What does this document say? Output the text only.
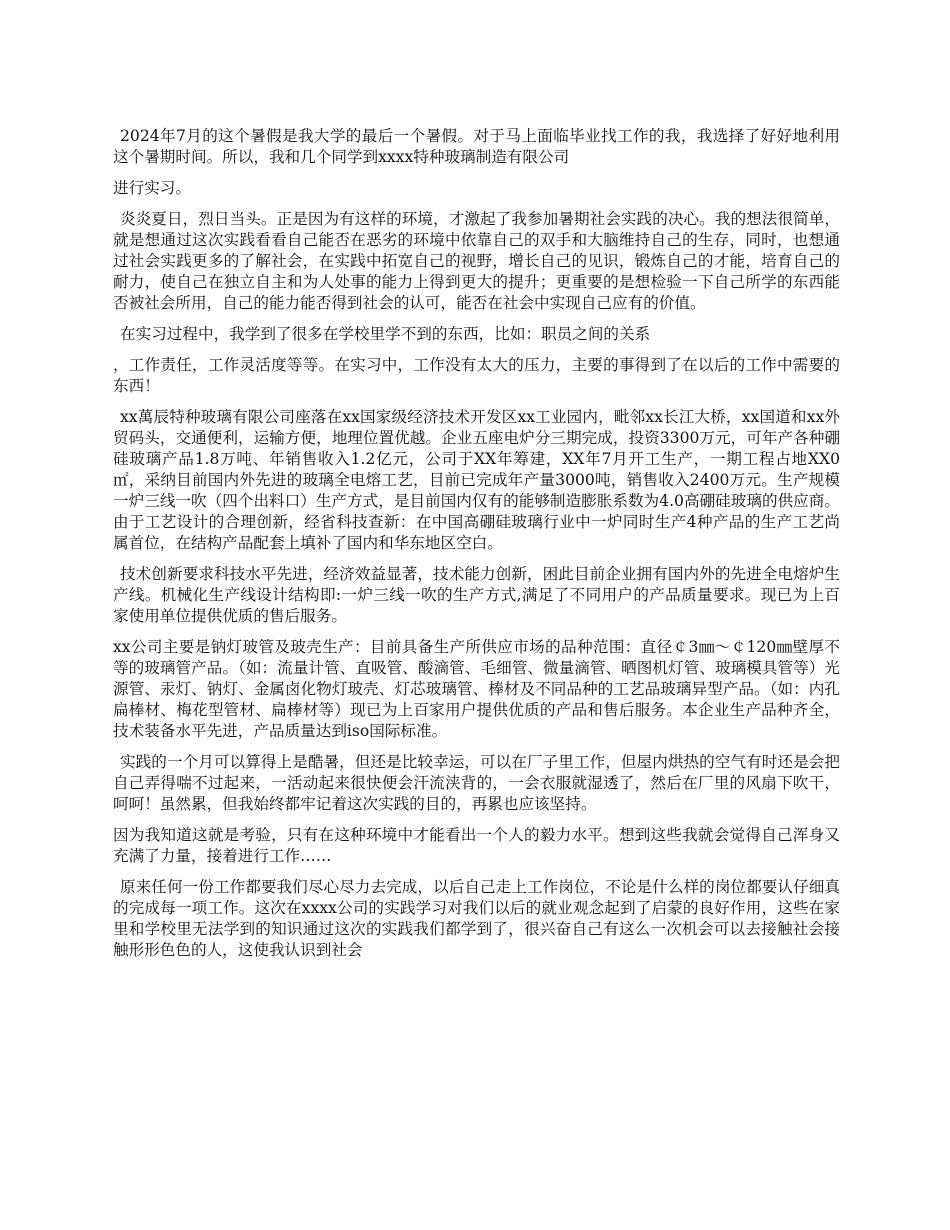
2024年7月的这个暑假是我大学的最后一个暑假。对于马上面临毕业找工作的我，我选择了好好地利用这个暑期时间。所以，我和几个同学到xxxx特种玻璃制造有限公司

进行实习。

炎炎夏日，烈日当头。正是因为有这样的环境，才激起了我参加暑期社会实践的决心。我的想法很简单，就是想通过这次实践看看自己能否在恶劣的环境中依靠自己的双手和大脑维持自己的生存，同时，也想通过社会实践更多的了解社会，在实践中拓宽自己的视野，增长自己的见识，锻炼自己的才能，培育自己的耐力，使自己在独立自主和为人处事的能力上得到更大的提升；更重要的是想检验一下自己所学的东西能否被社会所用，自己的能力能否得到社会的认可，能否在社会中实现自己应有的价值。

在实习过程中，我学到了很多在学校里学不到的东西，比如：职员之间的关系

，工作责任，工作灵活度等等。在实习中，工作没有太大的压力，主要的事得到了在以后的工作中需要的东西！

xx萬辰特种玻璃有限公司座落在xx国家级经济技术开发区xx工业园内，毗邻xx长江大桥，xx国道和xx外贸码头，交通便利，运输方便，地理位置优越。企业五座电炉分三期完成，投资3300万元，可年产各种硼硅玻璃产品1.8万吨、年销售收入1.2亿元，公司于XX年筹建，XX年7月开工生产，一期工程占地XX0㎡，采纳目前国内外先进的玻璃全电熔工艺，目前已完成年产量3000吨，销售收入2400万元。生产规模一炉三线一吹（四个出料口）生产方式，是目前国内仅有的能够制造膨胀系数为4.0高硼硅玻璃的供应商。由于工艺设计的合理创新，经省科技查新：在中国高硼硅玻璃行业中一炉同时生产4种产品的生产工艺尚属首位，在结构产品配套上填补了国内和华东地区空白。

技术创新要求科技水平先进，经济效益显著，技术能力创新，困此目前企业拥有国内外的先进全电熔炉生产线。机械化生产线设计结构即:一炉三线一吹的生产方式,满足了不同用户的产品质量要求。现已为上百家使用单位提供优质的售后服务。

xx公司主要是钠灯玻管及玻壳生产：目前具备生产所供应市场的品种范围：直径￠3㎜～￠120㎜壁厚不等的玻璃管产品。（如：流量计管、直吸管、酸滴管、毛细管、微量滴管、晒图机灯管、玻璃模具管等）光源管、汞灯、钠灯、金属卤化物灯玻壳、灯芯玻璃管、棒材及不同品种的工艺品玻璃异型产品。（如：内孔扁棒材、梅花型管材、扁棒材等）现已为上百家用户提供优质的产品和售后服务。本企业生产品种齐全，技术装备水平先进，产品质量达到iso国际标准。

实践的一个月可以算得上是酷暑，但还是比较幸运，可以在厂子里工作，但屋内烘热的空气有时还是会把自己弄得喘不过起来，一活动起来很快便会汗流浃背的，一会衣服就湿透了，然后在厂里的风扇下吹干，呵呵！虽然累，但我始终都牢记着这次实践的目的，再累也应该坚持。

因为我知道这就是考验，只有在这种环境中才能看出一个人的毅力水平。想到这些我就会觉得自己浑身又充满了力量，接着进行工作……

原来任何一份工作都要我们尽心尽力去完成，以后自己走上工作岗位，不论是什么样的岗位都要认仔细真的完成每一项工作。这次在xxxx公司的实践学习对我们以后的就业观念起到了启蒙的良好作用，这些在家里和学校里无法学到的知识通过这次的实践我们都学到了，很兴奋自己有这么一次机会可以去接触社会接触形形色色的人，这使我认识到社会
